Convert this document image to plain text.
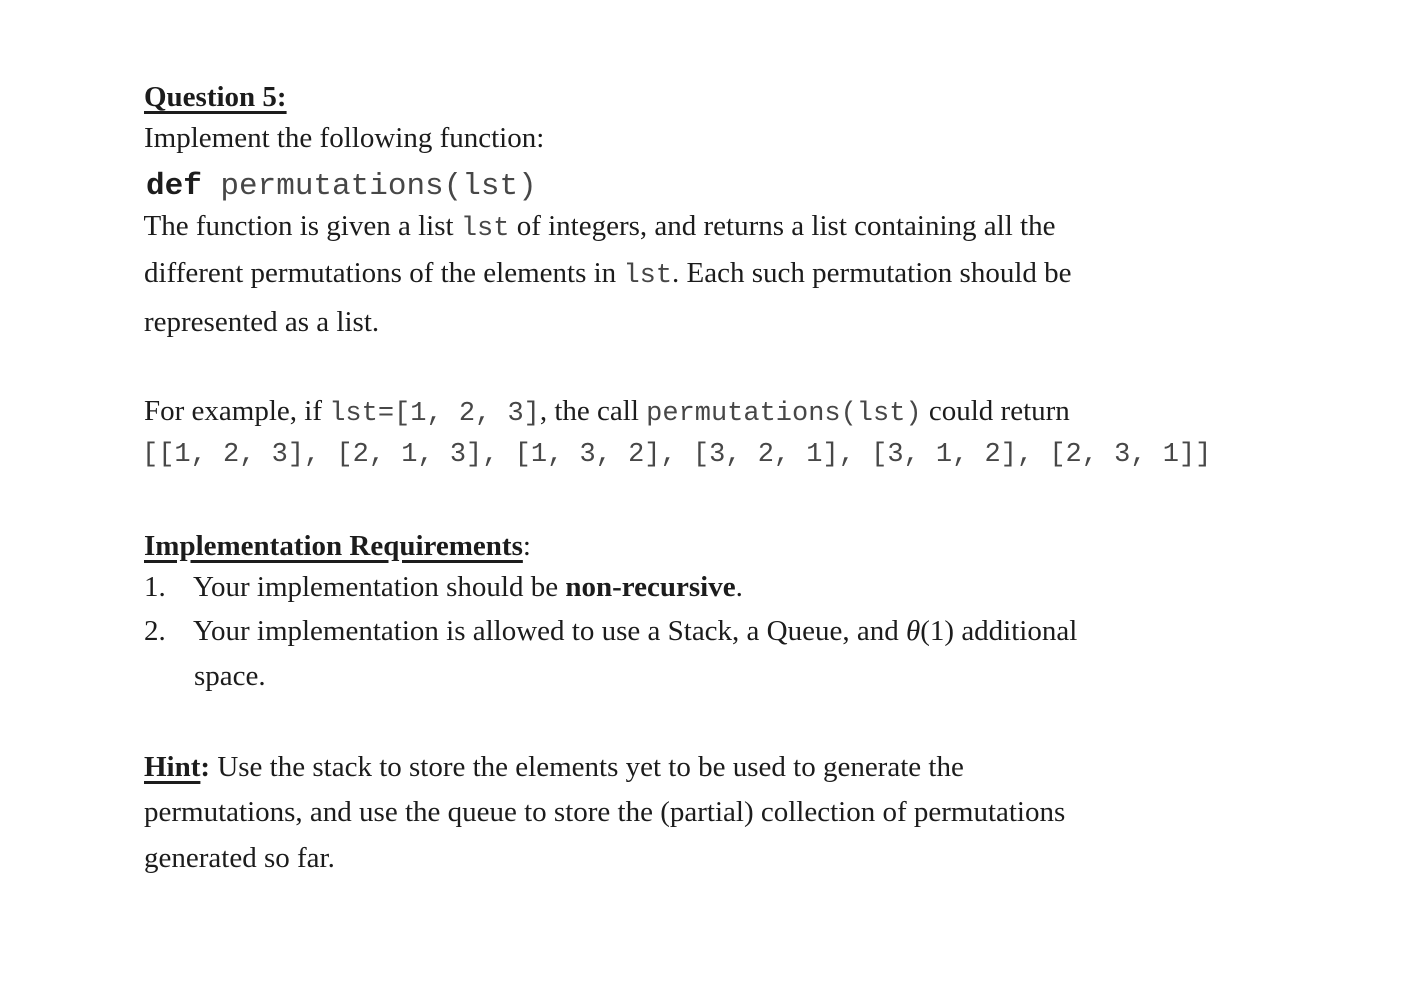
Question 5:

Implement the following function:

def permutations(lst)

The function is given a list lst of integers, and returns a list containing all the

different permutations of the elements in lst. Each such permutation should be

represented as a list.

For example, if lst=[1, 2, 3], the call permutations(lst) could return

[[1, 2, 3], [2, 1, 3], [1, 3, 2], [3, 2, 1], [3, 1, 2], [2, 3, 1]]

Implementation Requirements:

1.
Your implementation should be non-recursive.

2.
Your implementation is allowed to use a Stack, a Queue, and θ(1) additional

space.

Hint: Use the stack to store the elements yet to be used to generate the

permutations, and use the queue to store the (partial) collection of permutations

generated so far.
